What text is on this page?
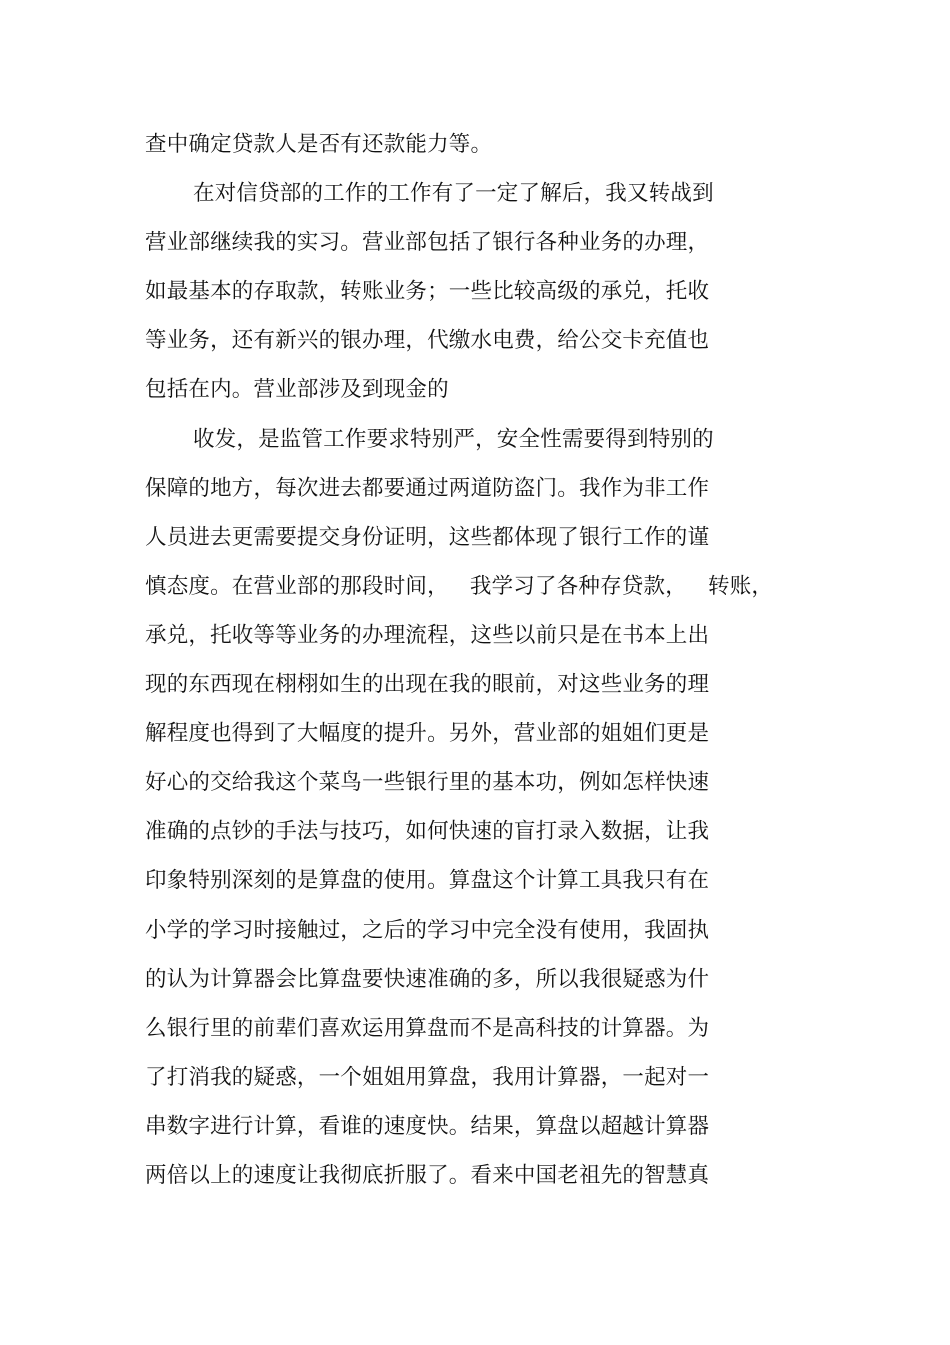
查中确定贷款人是否有还款能力等。
在对信贷部的工作的工作有了一定了解后，我又转战到
营业部继续我的实习。营业部包括了银行各种业务的办理，
如最基本的存取款，转账业务；一些比较高级的承兑，托收
等业务，还有新兴的银办理，代缴水电费，给公交卡充值也
包括在内。营业部涉及到现金的
收发，是监管工作要求特别严，安全性需要得到特别的
保障的地方，每次进去都要通过两道防盗门。我作为非工作
人员进去更需要提交身份证明，这些都体现了银行工作的谨
慎态度。在营业部的那段时间，   我学习了各种存贷款，   转账，
承兑，托收等等业务的办理流程，这些以前只是在书本上出
现的东西现在栩栩如生的出现在我的眼前，对这些业务的理
解程度也得到了大幅度的提升。另外，营业部的姐姐们更是
好心的交给我这个菜鸟一些银行里的基本功，例如怎样快速
准确的点钞的手法与技巧，如何快速的盲打录入数据，让我
印象特别深刻的是算盘的使用。算盘这个计算工具我只有在
小学的学习时接触过，之后的学习中完全没有使用，我固执
的认为计算器会比算盘要快速准确的多，所以我很疑惑为什
么银行里的前辈们喜欢运用算盘而不是高科技的计算器。为
了打消我的疑惑，一个姐姐用算盘，我用计算器，一起对一
串数字进行计算，看谁的速度快。结果，算盘以超越计算器
两倍以上的速度让我彻底折服了。看来中国老祖先的智慧真
